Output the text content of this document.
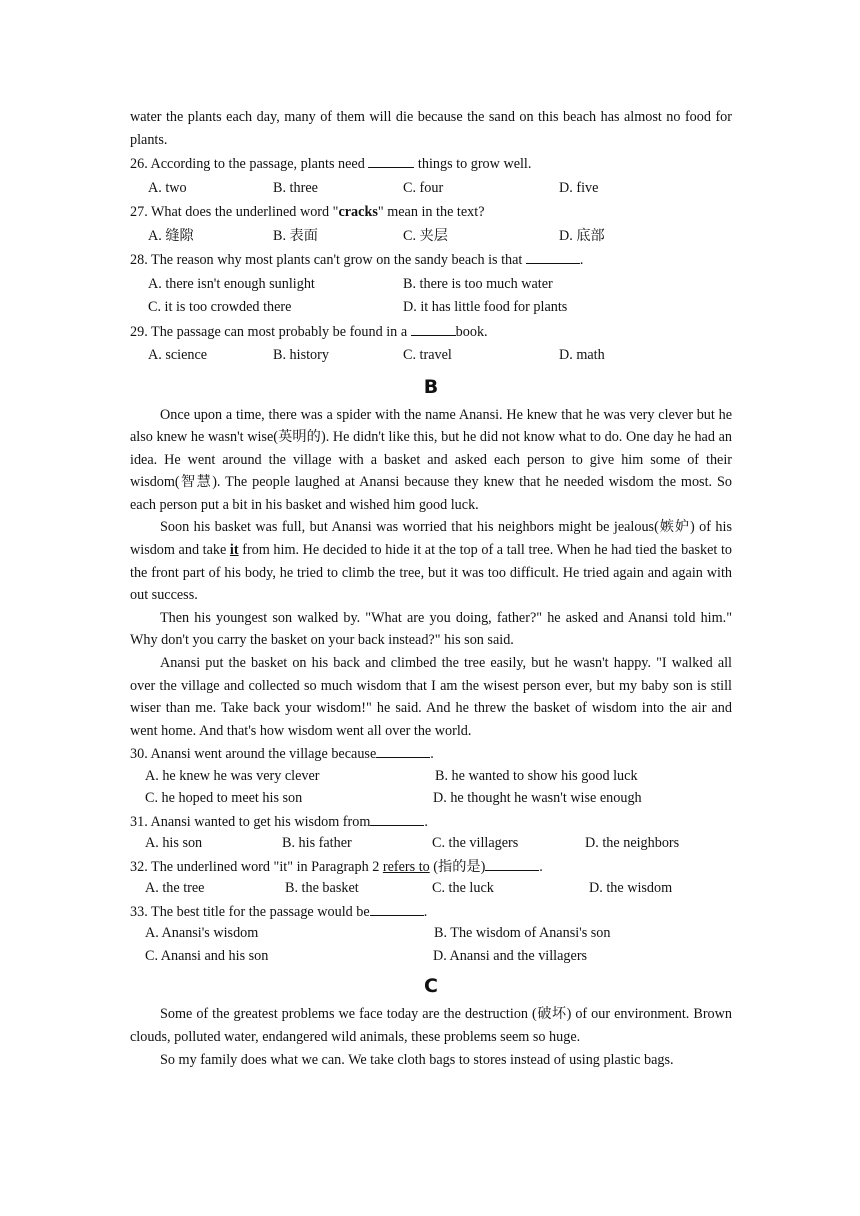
water the plants each day, many of them will die because the sand on this beach has almost no food for plants.

26. According to the passage, plants need	things to grow well.

A. two	B. three	C. four	D. five

27. What does the underlined word "cracks" mean in the text?

A. 缝隙	B. 表面	C. 夹层	D. 底部

28. The reason why most plants can't grow on the sandy beach is that	.

A. there isn't enough sunlight	B. there is too much water
C. it is too crowded there	D. it has little food for plants

29. The passage can most probably be found in a	book.

A. science	B. history	C. travel	D. math
B

Once upon a time, there was a spider with the name Anansi. He knew that he was very clever but he also knew he wasn't wise(英明的). He didn't like this, but he did not know what to do. One day he had an idea. He went around the village with a basket and asked each person to give him some of their wisdom(智慧). The people laughed at Anansi because they knew that he needed wisdom the most. So each person put a bit in his basket and wished him good luck.

Soon his basket was full, but Anansi was worried that his neighbors might be jealous(嫉妒) of his wisdom and take it from him. He decided to hide it at the top of a tall tree. When he had tied the basket to the front part of his body, he tried to climb the tree, but it was too difficult. He tried again and again with out success.

Then his youngest son walked by. "What are you doing, father?" he asked and Anansi told him." Why don't you carry the basket on your back instead?" his son said.

Anansi put the basket on his back and climbed the tree easily, but he wasn't happy. "I walked all over the village and collected so much wisdom that I am the wisest person ever, but my baby son is still wiser than me. Take back your wisdom!" he said. And he threw the basket of wisdom into the air and went home. And that's how wisdom went all over the world.

30. Anansi went around the village because	.

A. he knew he was very clever	B. he wanted to show his good luck
C. he hoped to meet his son	D. he thought he wasn't wise enough

31. Anansi wanted to get his wisdom from	.

A. his son	B. his father	C. the villagers	D. the neighbors

32. The underlined word "it" in Paragraph 2 refers to (指的是)	.

A. the tree	B. the basket	C. the luck	D. the wisdom

33. The best title for the passage would be	.

A. Anansi's wisdom	B. The wisdom of Anansi's son
C. Anansi and his son	D. Anansi and the villagers
C

Some of the greatest problems we face today are the destruction (破坏) of our environment. Brown clouds, polluted water, endangered wild animals, these problems seem so huge.

So my family does what we can. We take cloth bags to stores instead of using plastic bags.
